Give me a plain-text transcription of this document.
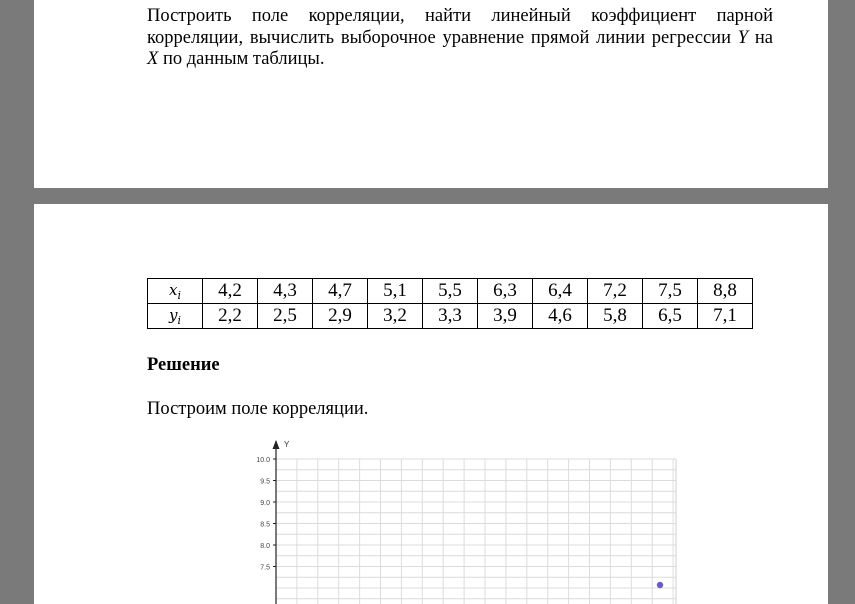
Построить поле корреляции, найти линейный коэффициент парной
корреляции, вычислить выборочное уравнение прямой линии регрессии Y на
X по данным таблицы.

$x_i$	4,2	4,3	4,7	5,1	5,5	6,3	6,4	7,2	7,5	8,8
$y_i$	2,2	2,5	2,9	3,2	3,3	3,9	4,6	5,8	6,5	7,1
Решение

Построим поле корреляции.

Y
10.0
9.5
9.0
8.5
8.0
7.5
